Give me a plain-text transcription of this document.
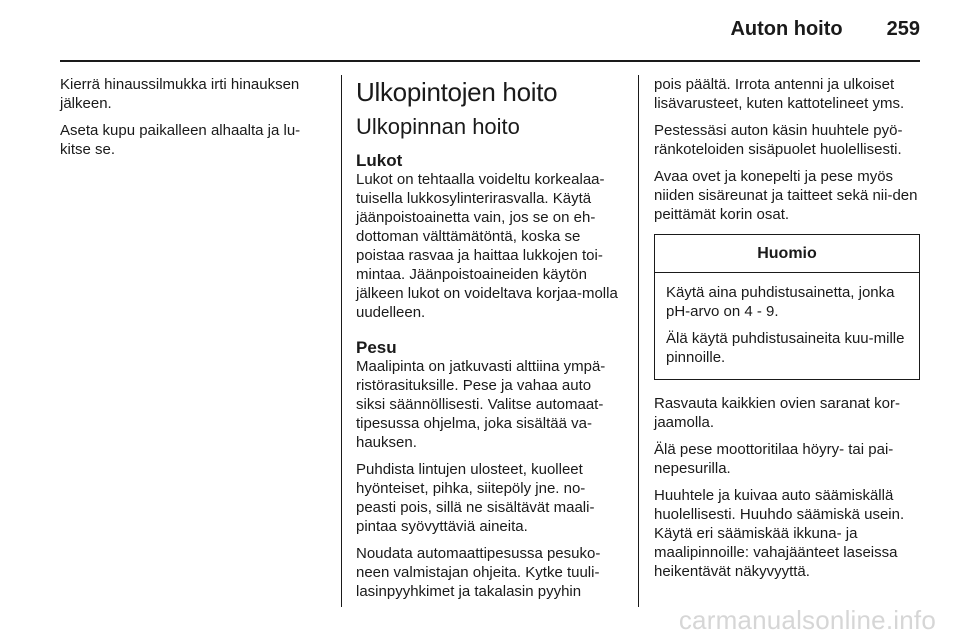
Auton hoito 259

Kierrä hinaussilmukka irti hinauksen jälkeen.

Aseta kupu paikalleen alhaalta ja lu-kitse se.

Ulkopintojen hoito
Ulkopinnan hoito
Lukot

Lukot on tehtaalla voideltu korkealaa-tuisella lukkosylinterirasvalla. Käytä jäänpoistoainetta vain, jos se on eh-dottoman välttämätöntä, koska se poistaa rasvaa ja haittaa lukkojen toi-mintaa. Jäänpoistoaineiden käytön jälkeen lukot on voideltava korjaa-molla uudelleen.

Pesu

Maalipinta on jatkuvasti alttiina ympä-ristörasituksille. Pese ja vahaa auto siksi säännöllisesti. Valitse automaat-tipesussa ohjelma, joka sisältää va-hauksen.

Puhdista lintujen ulosteet, kuolleet hyönteiset, pihka, siitepöly jne. no-peasti pois, sillä ne sisältävät maali-pintaa syövyttäviä aineita.

Noudata automaattipesussa pesuko-neen valmistajan ohjeita. Kytke tuuli-lasinpyyhkimet ja takalasin pyyhin

pois päältä. Irrota antenni ja ulkoiset lisävarusteet, kuten kattotelineet yms.

Pestessäsi auton käsin huuhtele pyö-ränkoteloiden sisäpuolet huolellisesti.

Avaa ovet ja konepelti ja pese myös niiden sisäreunat ja taitteet sekä nii-den peittämät korin osat.

Huomio

Käytä aina puhdistusainetta, jonka pH-arvo on 4 - 9.

Älä käytä puhdistusaineita kuu-mille pinnoille.

Rasvauta kaikkien ovien saranat kor-jaamolla.

Älä pese moottoritilaa höyry- tai pai-nepesurilla.

Huuhtele ja kuivaa auto säämiskällä huolellisesti. Huuhdo säämiskä usein. Käytä eri säämiskää ikkuna- ja maalipinnoille: vahajäänteet laseissa heikentävät näkyvyyttä.

carmanualsonline.info
